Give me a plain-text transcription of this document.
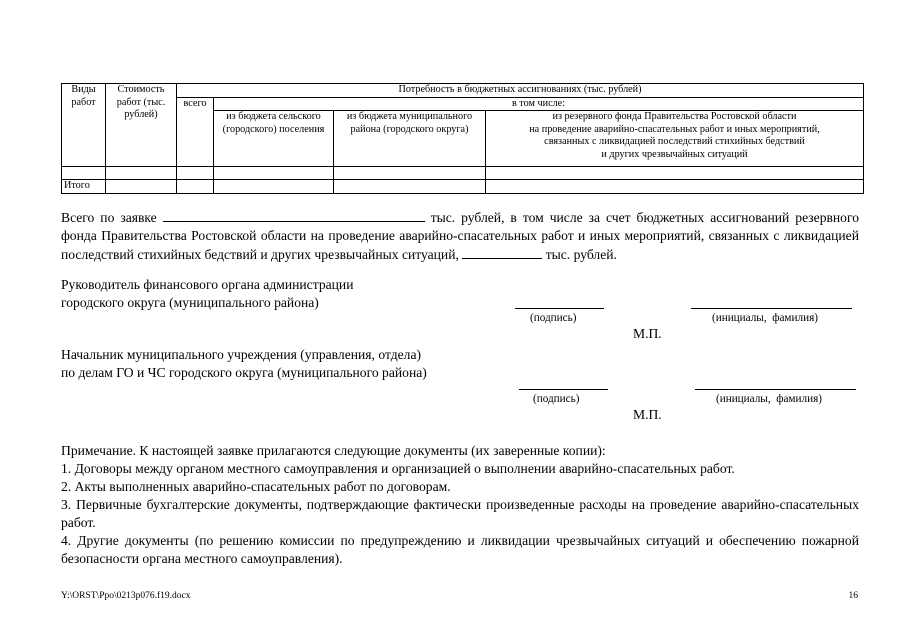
Виды работ	Стоимость работ (тыс. рублей)	Потребность в бюджетных ассигнованиях (тыс. рублей)			
		всего	в том числе:		
			из бюджета сельского (городского) поселения	из бюджета муниципального района (городского округа)	из резервного фонда Правительства Ростовской области
на проведение аварийно-спасательных работ и иных мероприятий,
связанных с ликвидацией последствий стихийных бедствий
и других чрезвычайных ситуаций

Итого					
Всего по заявке	тыс. рублей, в том числе за счет бюджетных ассигнований резервного фонда Правительства Ростовской области на проведение аварийно-спасательных работ и иных мероприятий, связанных с ликвидацией последствий стихийных бедствий и других чрезвычайных ситуаций,	тыс. рублей.
Руководитель финансового органа администрации
городского округа (муниципального района)
(подпись)	(инициалы,  фамилия)
М.П.
Начальник муниципального учреждения (управления, отдела)
по делам ГО и ЧС городского округа (муниципального района)
(подпись)	(инициалы,  фамилия)
М.П.
Примечание. К настоящей заявке прилагаются следующие документы (их заверенные копии):
1. Договоры между органом местного самоуправления и организацией о выполнении аварийно-спасательных работ.
2. Акты выполненных аварийно-спасательных работ по договорам.
3. Первичные бухгалтерские документы, подтверждающие фактически произведенные расходы на проведение аварийно-спасательных работ.
4. Другие документы (по решению комиссии по предупреждению и ликвидации чрезвычайных ситуаций и обеспечению пожарной безопасности органа местного самоуправления).
Y:\ORST\Ppo\0213p076.f19.docx	16
